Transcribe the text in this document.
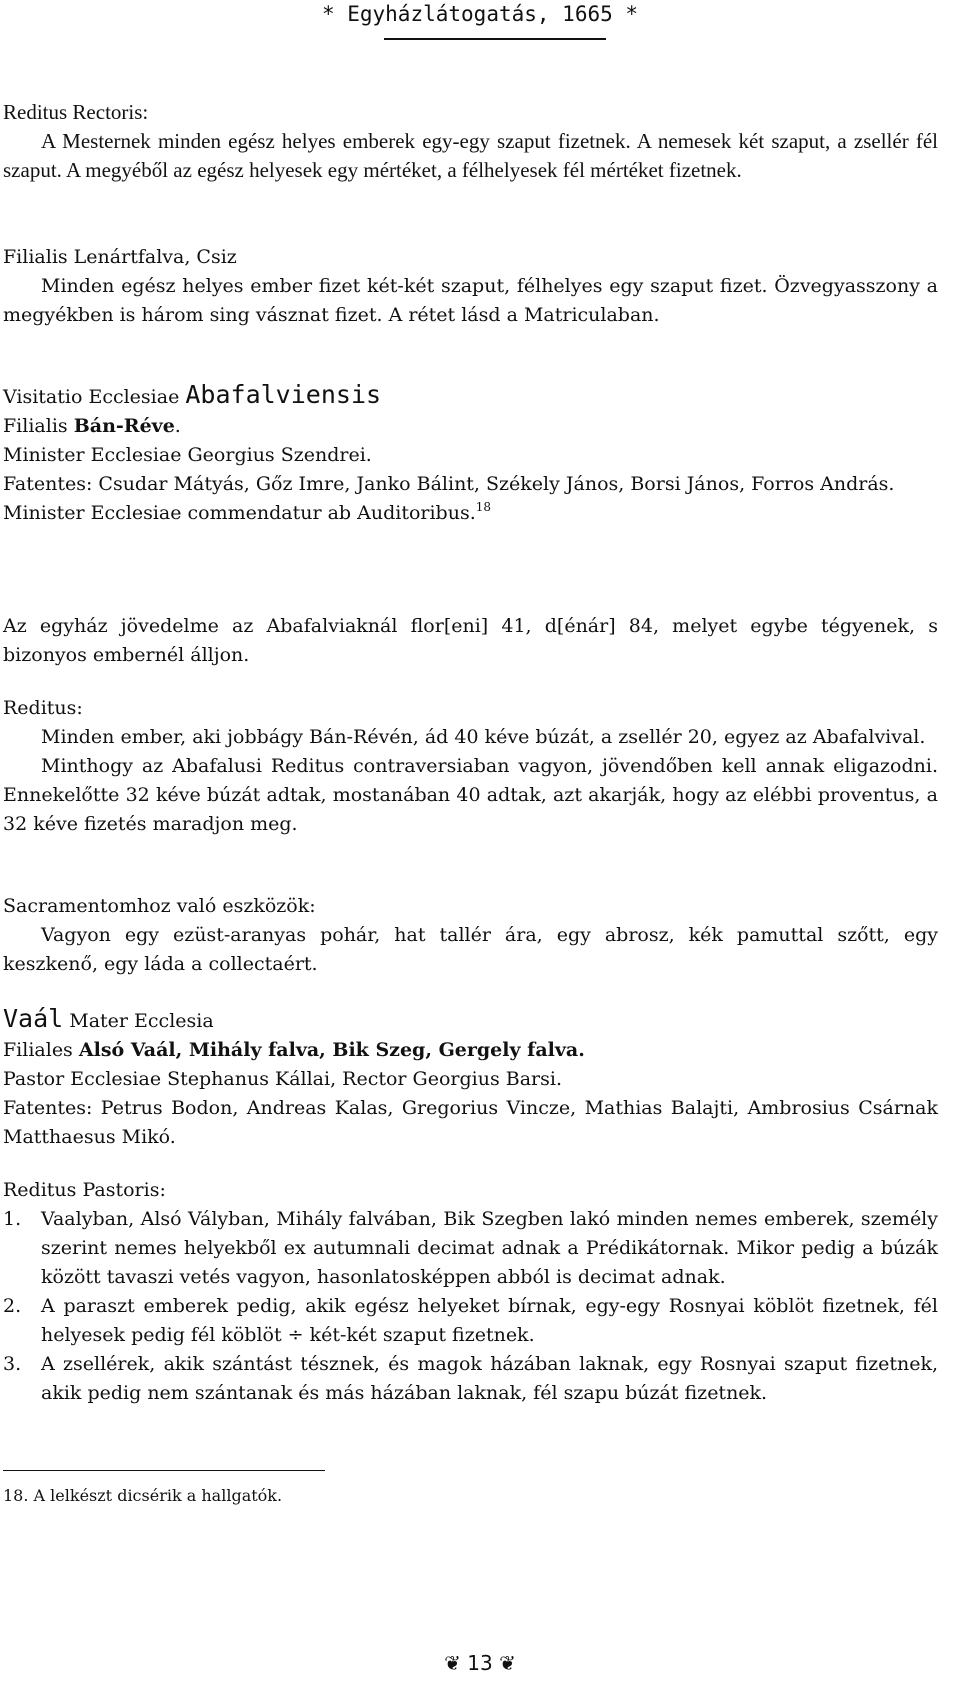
* Egyházlátogatás, 1665 *

Reditus Rectoris:

A Mesternek minden egész helyes emberek egy-egy szaput fizetnek. A nemesek két szaput, a zsellér fél szaput. A megyéből az egész helyesek egy mértéket, a félhelyesek fél mértéket fizetnek.

Filialis Lenártfalva, Csiz

Minden egész helyes ember fizet két-két szaput, félhelyes egy szaput fizet. Özvegyasszony a megyékben is három sing vásznat fizet. A rétet lásd a Matriculaban.

Visitatio Ecclesiae Abafalviensis

Filialis Bán-Réve.

Minister Ecclesiae Georgius Szendrei.

Fatentes: Csudar Mátyás, Gőz Imre, Janko Bálint, Székely János, Borsi János, Forros András.

Minister Ecclesiae commendatur ab Auditoribus.$^{18}$

Az egyház jövedelme az Abafalviaknál flor[eni] 41, d[énár] 84, melyet egybe tégyenek, s bizonyos embernél álljon.

Reditus:

Minden ember, aki jobbágy Bán-Révén, ád 40 kéve búzát, a zsellér 20, egyez az Abafalvival.

Minthogy az Abafalusi Reditus contraversiaban vagyon, jövendőben kell annak eligazodni. Ennekelőtte 32 kéve búzát adtak, mostanában 40 adtak, azt akarják, hogy az elébbi proventus, a 32 kéve fizetés maradjon meg.

Sacramentomhoz való eszközök:

Vagyon egy ezüst-aranyas pohár, hat tallér ára, egy abrosz, kék pamuttal szőtt, egy keszkenő, egy láda a collectaért.

Vaál Mater Ecclesia

Filiales Alsó Vaál, Mihály falva, Bik Szeg, Gergely falva.

Pastor Ecclesiae Stephanus Kállai, Rector Georgius Barsi.

Fatentes: Petrus Bodon, Andreas Kalas, Gregorius Vincze, Mathias Balajti, Ambrosius Csárnak Matthaesus Mikó.

Reditus Pastoris:

1. Vaalyban, Alsó Vályban, Mihály falvában, Bik Szegben lakó minden nemes emberek, személy szerint nemes helyekből ex autumnali decimat adnak a Prédikátornak. Mikor pedig a búzák között tavaszi vetés vagyon, hasonlatosképpen abból is decimat adnak.
2. A paraszt emberek pedig, akik egész helyeket bírnak, egy-egy Rosnyai köblöt fizetnek, fél helyesek pedig fél köblöt ÷ két-két szaput fizetnek.
3. A zsellérek, akik szántást tésznek, és magok házában laknak, egy Rosnyai szaput fizetnek, akik pedig nem szántanak és más házában laknak, fél szapu búzát fizetnek.
18. A lelkészt dicsérik a hallgatók.
❦ 13 ❦
